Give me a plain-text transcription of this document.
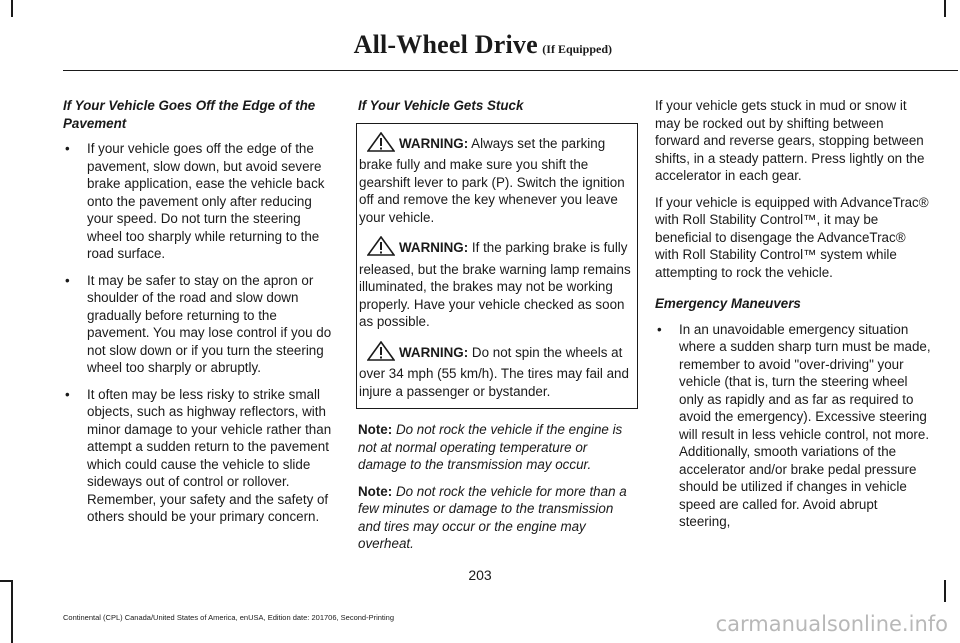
All-Wheel Drive (If Equipped)
If Your Vehicle Goes Off the Edge of the Pavement
• If your vehicle goes off the edge of the pavement, slow down, but avoid severe brake application, ease the vehicle back onto the pavement only after reducing your speed. Do not turn the steering wheel too sharply while returning to the road surface.
• It may be safer to stay on the apron or shoulder of the road and slow down gradually before returning to the pavement. You may lose control if you do not slow down or if you turn the steering wheel too sharply or abruptly.
• It often may be less risky to strike small objects, such as highway reflectors, with minor damage to your vehicle rather than attempt a sudden return to the pavement which could cause the vehicle to slide sideways out of control or rollover. Remember, your safety and the safety of others should be your primary concern.
If Your Vehicle Gets Stuck
WARNING: Always set the parking brake fully and make sure you shift the gearshift lever to park (P). Switch the ignition off and remove the key whenever you leave your vehicle.
WARNING: If the parking brake is fully released, but the brake warning lamp remains illuminated, the brakes may not be working properly. Have your vehicle checked as soon as possible.
WARNING: Do not spin the wheels at over 34 mph (55 km/h). The tires may fail and injure a passenger or bystander.

Note: Do not rock the vehicle if the engine is not at normal operating temperature or damage to the transmission may occur.

Note: Do not rock the vehicle for more than a few minutes or damage to the transmission and tires may occur or the engine may overheat.

If your vehicle gets stuck in mud or snow it may be rocked out by shifting between forward and reverse gears, stopping between shifts, in a steady pattern. Press lightly on the accelerator in each gear.

If your vehicle is equipped with AdvanceTrac® with Roll Stability Control™, it may be beneficial to disengage the AdvanceTrac® with Roll Stability Control™ system while attempting to rock the vehicle.

Emergency Maneuvers
• In an unavoidable emergency situation where a sudden sharp turn must be made, remember to avoid "over-driving" your vehicle (that is, turn the steering wheel only as rapidly and as far as required to avoid the emergency). Excessive steering will result in less vehicle control, not more. Additionally, smooth variations of the accelerator and/or brake pedal pressure should be utilized if changes in vehicle speed are called for. Avoid abrupt steering,
203
Continental (CPL) Canada/United States of America, enUSA, Edition date: 201706, Second-Printing	carmanualsonline.info
